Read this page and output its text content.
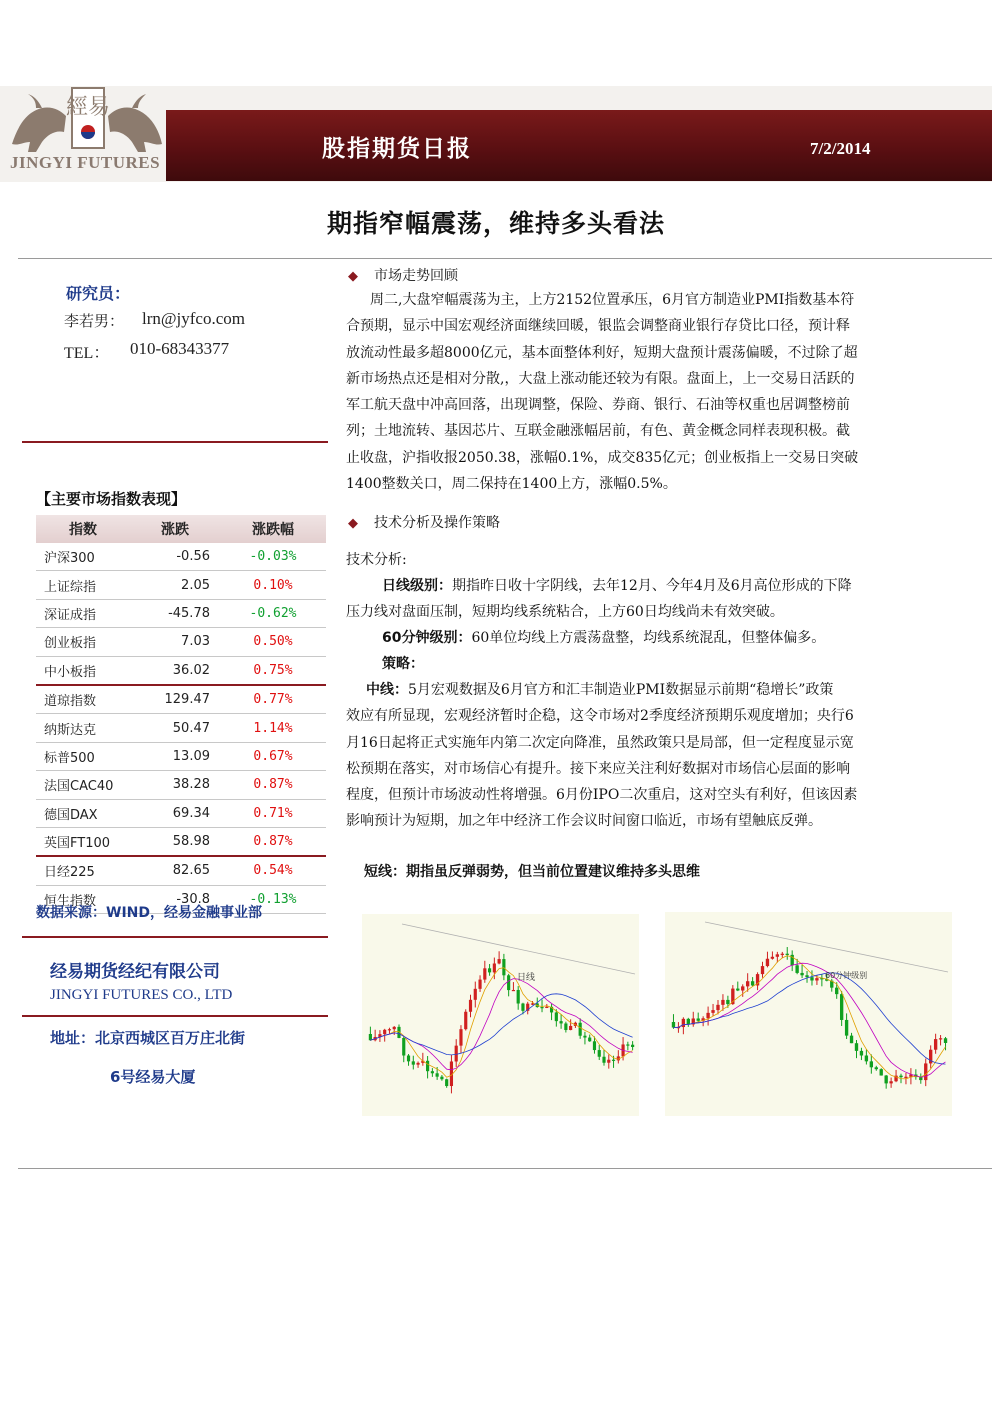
經易
JINGYI FUTURES
股指期货日报	7/2/2014
期指窄幅震荡，维持多头看法
研究员：
李若男： lrn@jyfco.com
TEL： 010-68343377
【主要市场指数表现】
指数	涨跌	涨跌幅
沪深300	-0.56	-0.03%
上证综指	2.05	0.10%
深证成指	-45.78	-0.62%
创业板指	7.03	0.50%
中小板指	36.02	0.75%
道琼指数	129.47	0.77%
纳斯达克	50.47	1.14%
标普500	13.09	0.67%
法国CAC40	38.28	0.87%
德国DAX	69.34	0.71%
英国FT100	58.98	0.87%
日经225	82.65	0.54%
恒生指数	-30.8	-0.13%
数据来源：WIND，经易金融事业部
经易期货经纪有限公司
JINGYI FUTURES CO., LTD
地址：北京西城区百万庄北街
6号经易大厦
◆ 市场走势回顾
周二,大盘窄幅震荡为主，上方2152位置承压，6月官方制造业PMI指数基本符
合预期，显示中国宏观经济面继续回暖，银监会调整商业银行存贷比口径，预计释
放流动性最多超8000亿元，基本面整体利好，短期大盘预计震荡偏暖，不过除了超
新市场热点还是相对分散,，大盘上涨动能还较为有限。盘面上，上一交易日活跃的
军工航天盘中冲高回落，出现调整，保险、券商、银行、石油等权重也居调整榜前
列；土地流转、基因芯片、互联金融涨幅居前，有色、黄金概念同样表现积极。截
止收盘，沪指收报2050.38，涨幅0.1%，成交835亿元；创业板指上一交易日突破
1400整数关口，周二保持在1400上方，涨幅0.5%。
◆ 技术分析及操作策略
技术分析:
日线级别：期指昨日收十字阴线，去年12月、今年4月及6月高位形成的下降
压力线对盘面压制，短期均线系统粘合，上方60日均线尚未有效突破。
60分钟级别：60单位均线上方震荡盘整，均线系统混乱，但整体偏多。
策略：
中线：5月宏观数据及6月官方和汇丰制造业PMI数据显示前期“稳增长”政策
效应有所显现，宏观经济暂时企稳，这令市场对2季度经济预期乐观度增加；央行6
月16日起将正式实施年内第二次定向降准，虽然政策只是局部，但一定程度显示宽
松预期在落实，对市场信心有提升。接下来应关注利好数据对市场信心层面的影响
程度，但预计市场波动性将增强。6月份IPO二次重启，这对空头有利好，但该因素
影响预计为短期，加之年中经济工作会议时间窗口临近，市场有望触底反弹。
短线：期指虽反弹弱势，但当前位置建议维持多头思维
日线	60分钟级别
